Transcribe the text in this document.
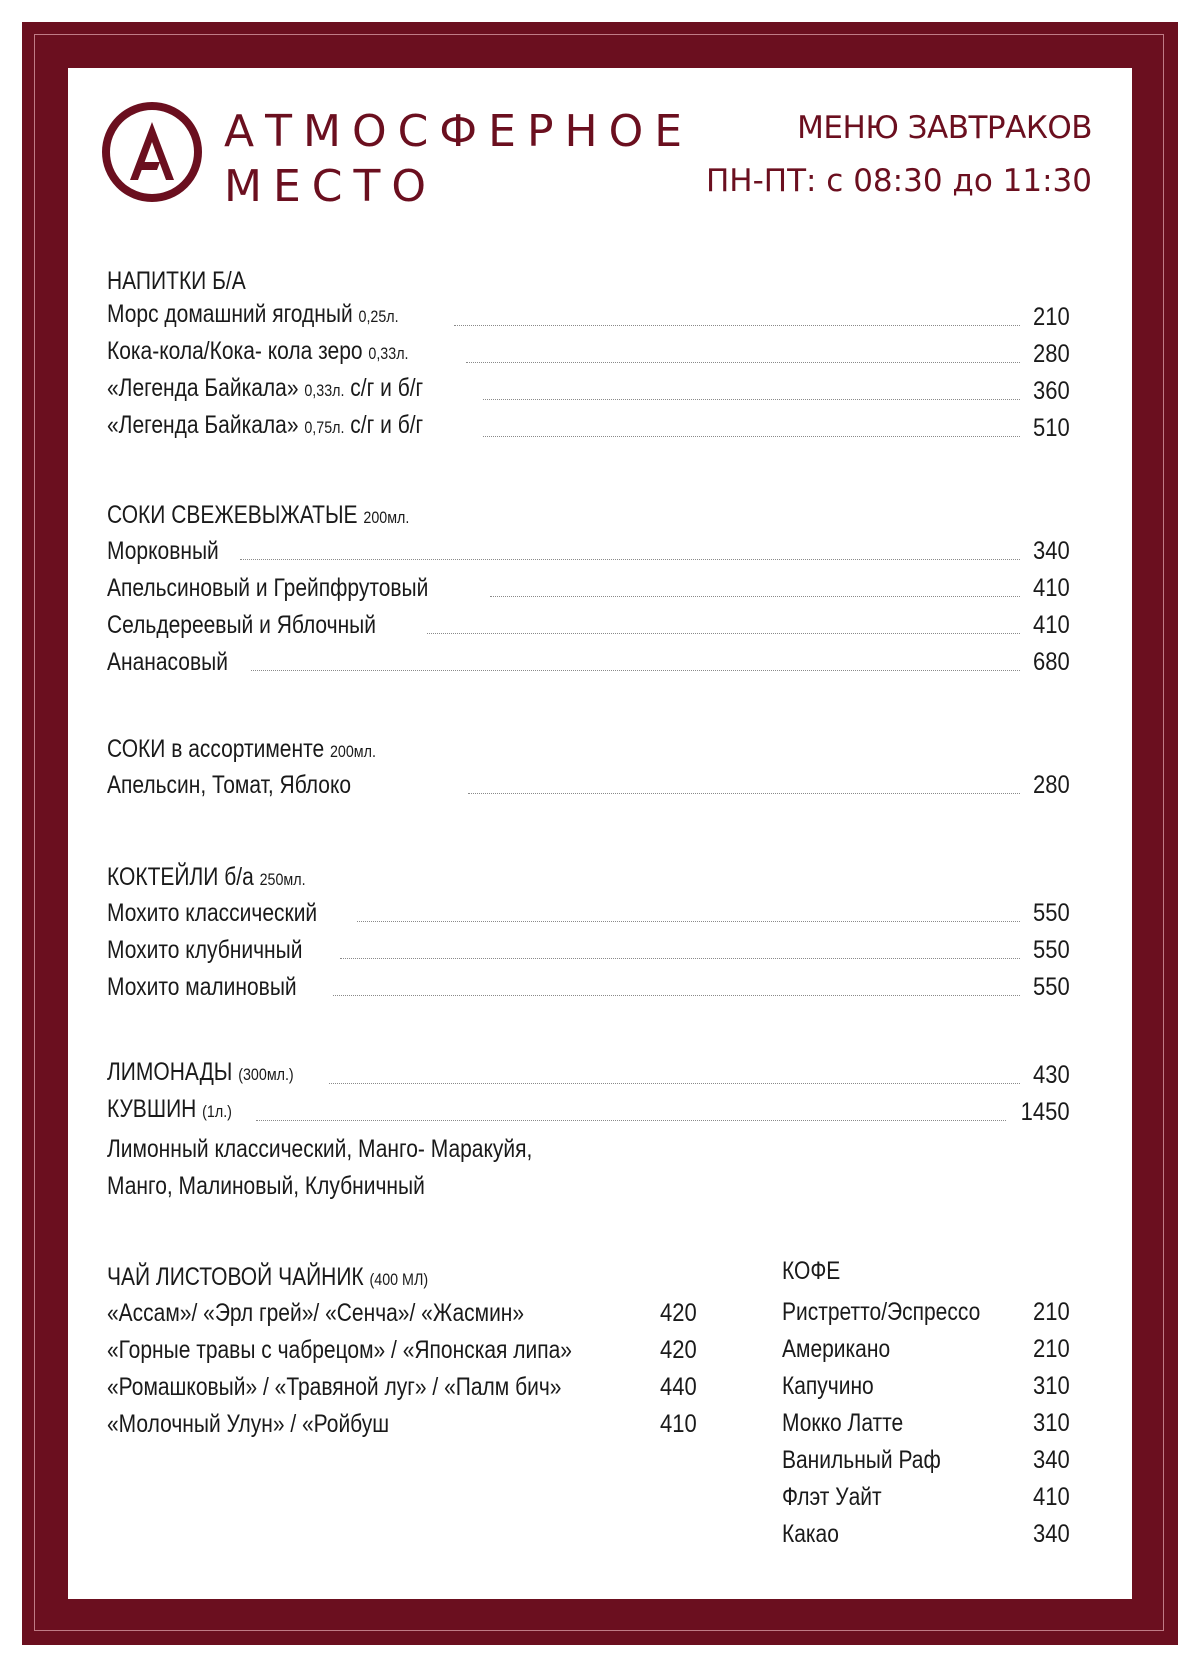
АТМОСФЕРНОЕ
МЕСТО
МЕНЮ ЗАВТРАКОВ
ПН-ПТ: с 08:30 до 11:30
НАПИТКИ Б/А
Морс домашний ягодный 0,25л.	210
Кока-кола/Кока- кола зеро 0,33л.	280
«Легенда Байкала» 0,33л. с/г и б/г	360
«Легенда Байкала» 0,75л. с/г и б/г	510
СОКИ СВЕЖЕВЫЖАТЫЕ 200мл.
Морковный	340
Апельсиновый и Грейпфрутовый	410
Сельдереевый и Яблочный	410
Ананасовый	680
СОКИ в ассортименте 200мл.
Апельсин, Томат, Яблоко	280
КОКТЕЙЛИ б/а 250мл.
Мохито классический	550
Мохито клубничный	550
Мохито малиновый	550
ЛИМОНАДЫ (300мл.)	430
КУВШИН (1л.)	1450
Лимонный классический, Манго- Маракуйя,
Манго, Малиновый, Клубничный
ЧАЙ ЛИСТОВОЙ ЧАЙНИК (400 МЛ)
«Ассам»/ «Эрл грей»/ «Сенча»/ «Жасмин»	420
«Горные травы с чабрецом» / «Японская липа»	420
«Ромашковый» / «Травяной луг» / «Палм бич»	440
«Молочный Улун» / «Ройбуш	410
КОФЕ
Ристретто/Эспрессо 210
Американо	210
Капучино	310
Мокко Латте	310
Ванильный Раф	340
Флэт Уайт	410
Какао	340
